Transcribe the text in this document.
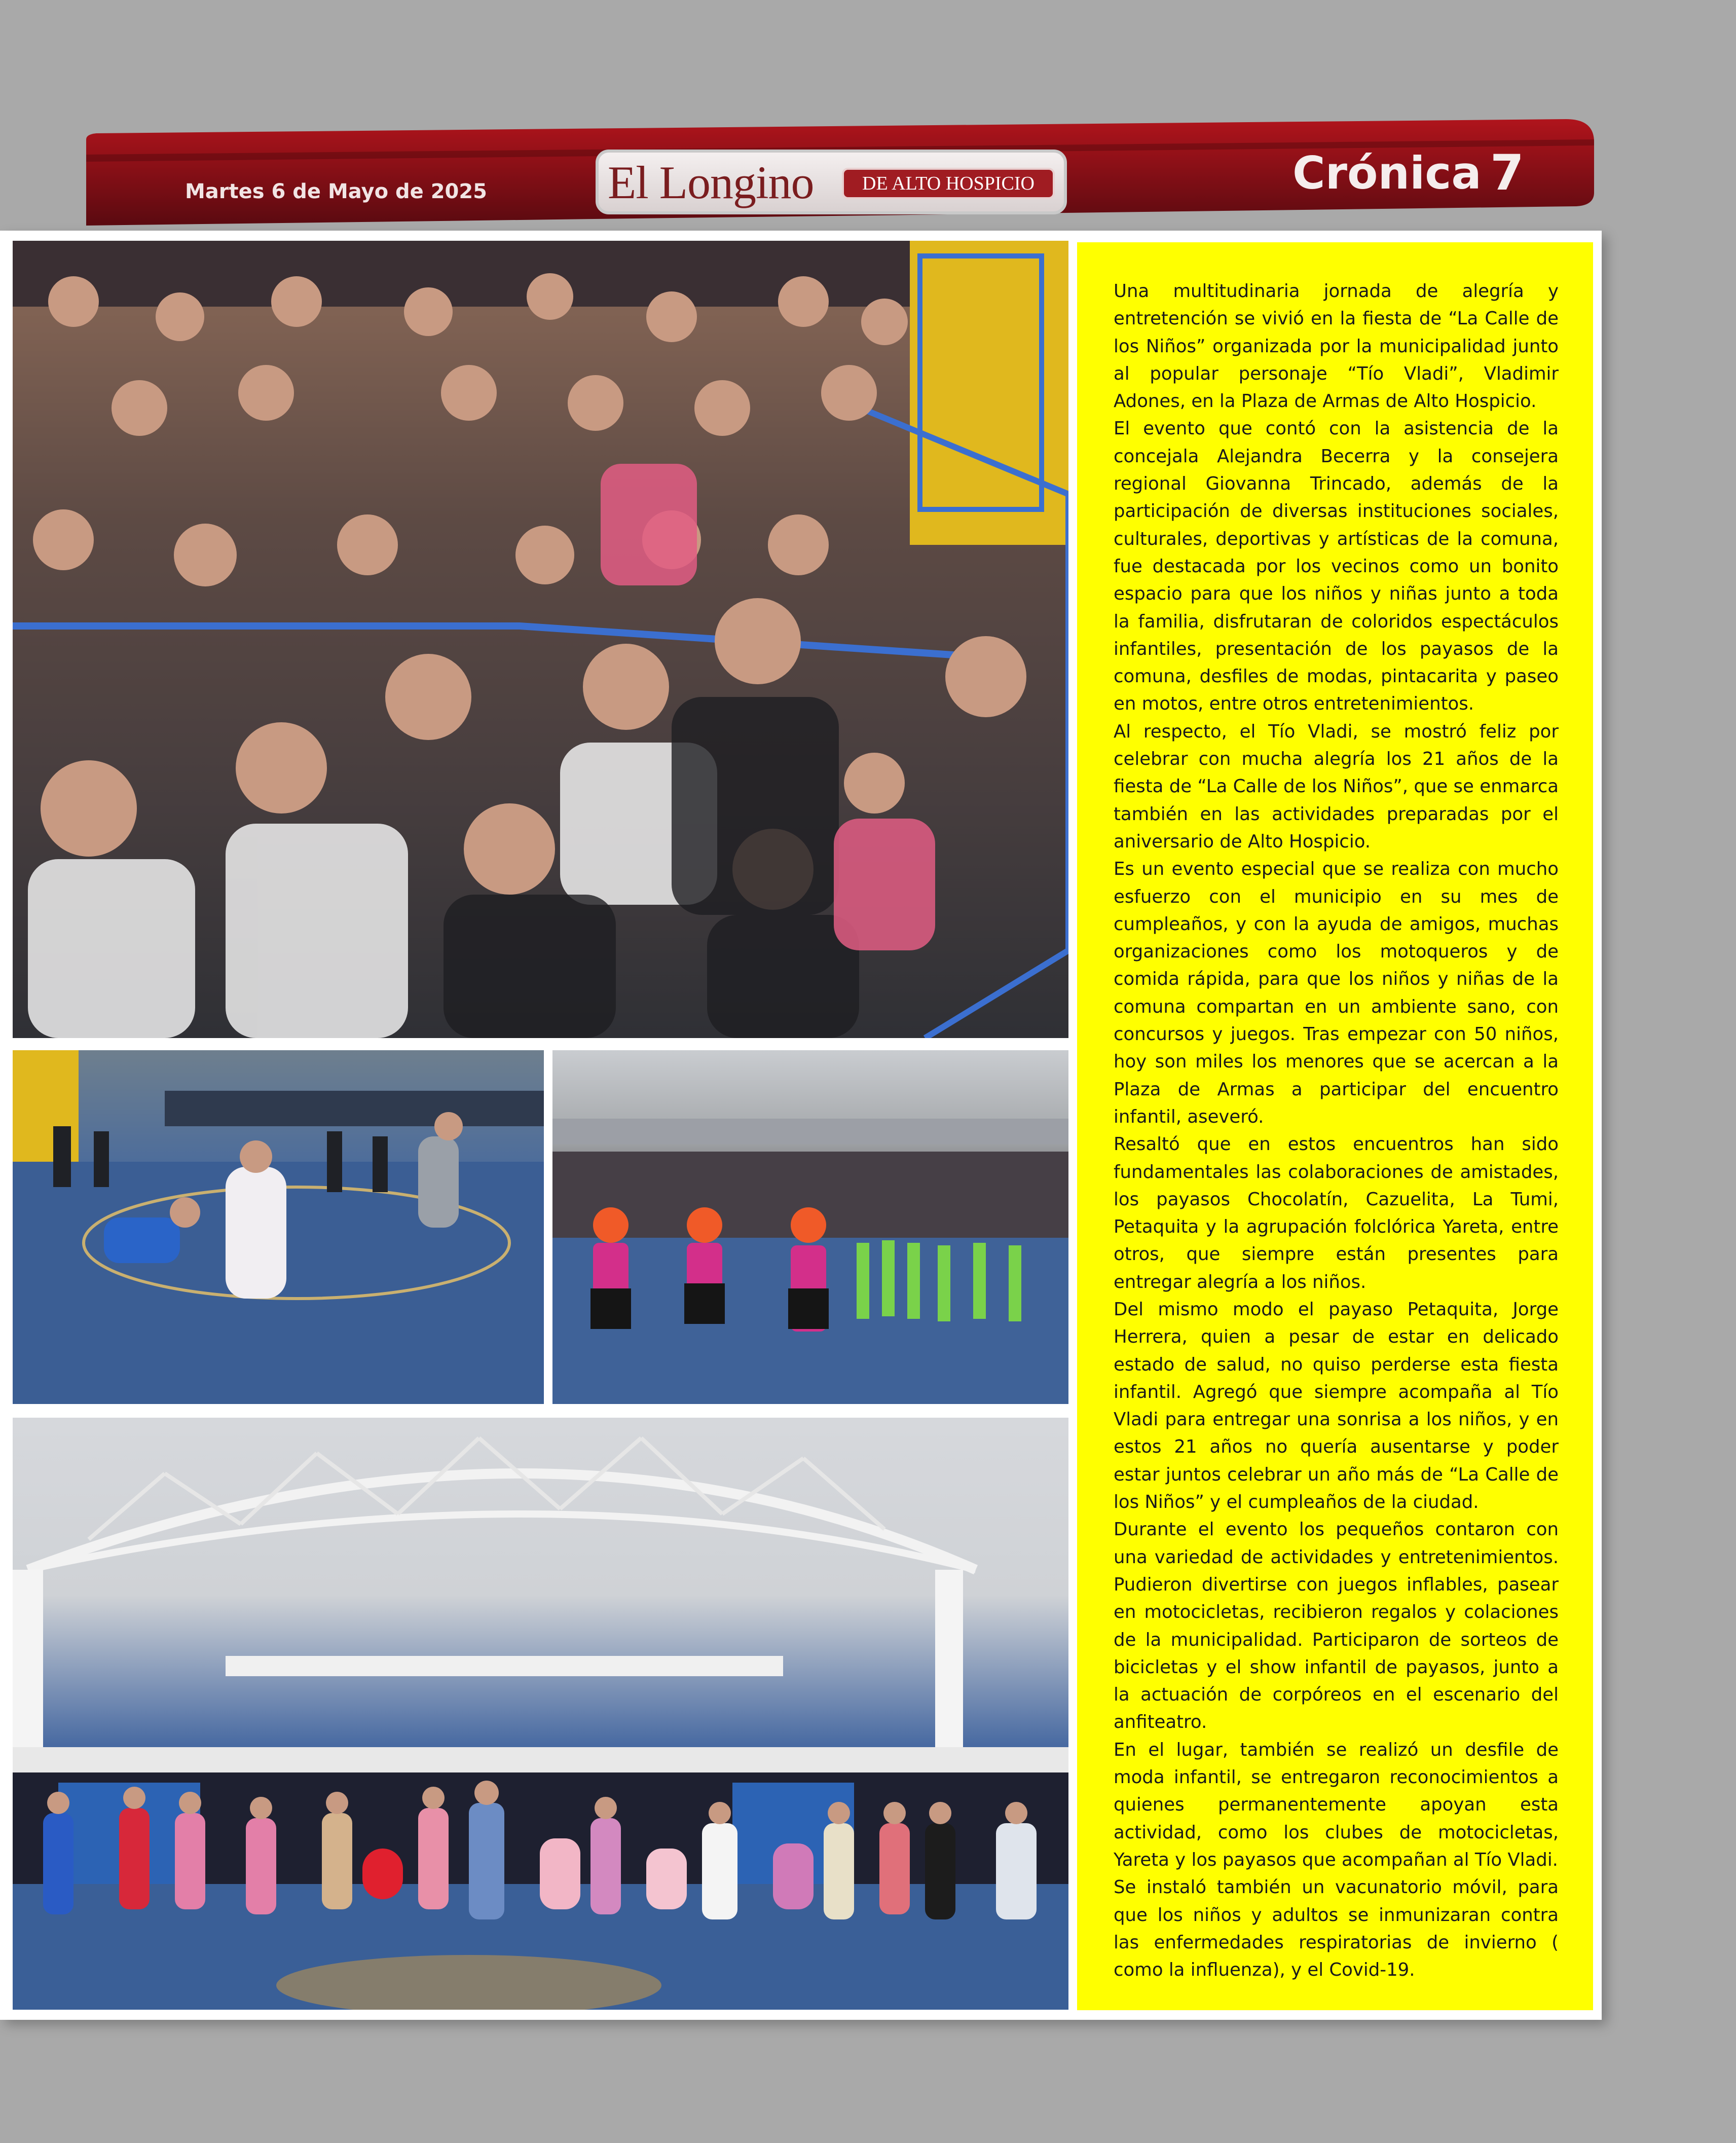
Martes 6 de Mayo de 2025	El Longino	DE ALTO HOSPICIO	Crónica 7

Una multitudinaria jornada de alegría y entretención se vivió en la fiesta de “La Calle de los Niños” organizada por la municipalidad junto al popular personaje “Tío Vladi”, Vladimir Adones, en la Plaza de Armas de Alto Hospicio.

El evento que contó con la asistencia de la concejala Alejandra Becerra y la consejera regional Giovanna Trincado, además de la participación de diversas instituciones sociales, culturales, deportivas y artísticas de la comuna, fue destacada por los vecinos como un bonito espacio para que los niños y niñas junto a toda la familia, disfrutaran de coloridos espectáculos infantiles, presentación de los payasos de la comuna, desfiles de modas, pintacarita y paseo en motos, entre otros entretenimientos.

Al respecto, el Tío Vladi, se mostró feliz por celebrar con mucha alegría los 21 años de la fiesta de “La Calle de los Niños”, que se enmarca también en las actividades preparadas por el aniversario de Alto Hospicio.

Es un evento especial que se realiza con mucho esfuerzo con el municipio en su mes de cumpleaños, y con la ayuda de amigos, muchas organizaciones como los motoqueros y de comida rápida, para que los niños y niñas de la comuna compartan en un ambiente sano, con concursos y juegos. Tras empezar con 50 niños, hoy son miles los menores que se acercan a la Plaza de Armas a participar del encuentro infantil, aseveró.

Resaltó que en estos encuentros han sido fundamentales las colaboraciones de amistades, los payasos Chocolatín, Cazuelita, La Tumi, Petaquita y la agrupación folclórica Yareta, entre otros, que siempre están presentes para entregar alegría a los niños.

Del mismo modo el payaso Petaquita, Jorge Herrera, quien a pesar de estar en delicado estado de salud, no quiso perderse esta fiesta infantil. Agregó que siempre acompaña al Tío Vladi para entregar una sonrisa a los niños, y en estos 21 años no quería ausentarse y poder estar juntos celebrar un año más de “La Calle de los Niños” y el cumpleaños de la ciudad.

Durante el evento los pequeños contaron con una variedad de actividades y entretenimientos. Pudieron divertirse con juegos inflables, pasear en motocicletas, recibieron regalos y colaciones de la municipalidad. Participaron de sorteos de bicicletas y el show infantil de payasos, junto a la actuación de corpóreos en el escenario del anfiteatro.

En el lugar, también se realizó un desfile de moda infantil, se entregaron reconocimientos a quienes permanentemente apoyan esta actividad, como los clubes de motocicletas, Yareta y los payasos que acompañan al Tío Vladi.

Se instaló también un vacunatorio móvil, para que los niños y adultos se inmunizaran contra las enfermedades respiratorias de invierno ( como la influenza), y el Covid-19.
